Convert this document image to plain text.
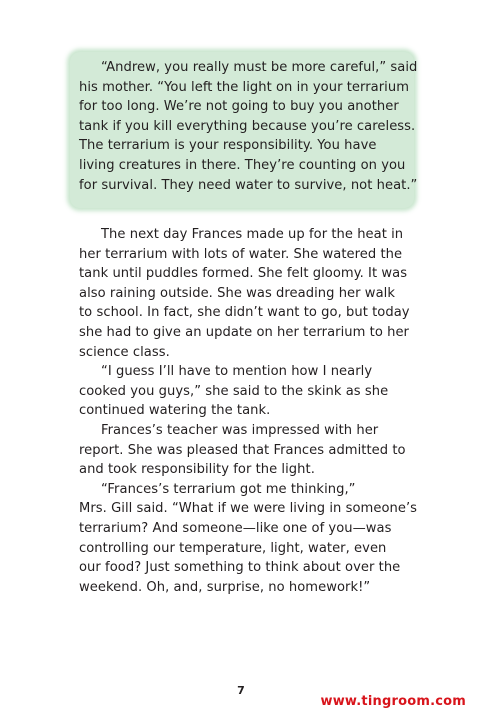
“Andrew, you really must be more careful,” said
his mother. “You left the light on in your terrarium
for too long. We’re not going to buy you another
tank if you kill everything because you’re careless.
The terrarium is your responsibility. You have
living creatures in there. They’re counting on you
for survival. They need water to survive, not heat.”
The next day Frances made up for the heat in
her terrarium with lots of water. She watered the
tank until puddles formed. She felt gloomy. It was
also raining outside. She was dreading her walk
to school. In fact, she didn’t want to go, but today
she had to give an update on her terrarium to her
science class.
“I guess I’ll have to mention how I nearly
cooked you guys,” she said to the skink as she
continued watering the tank.
Frances’s teacher was impressed with her
report. She was pleased that Frances admitted to
and took responsibility for the light.
“Frances’s terrarium got me thinking,”
Mrs. Gill said. “What if we were living in someone’s
terrarium? And someone—like one of you—was
controlling our temperature, light, water, even
our food? Just something to think about over the
weekend. Oh, and, surprise, no homework!”
7
www.tingroom.com
